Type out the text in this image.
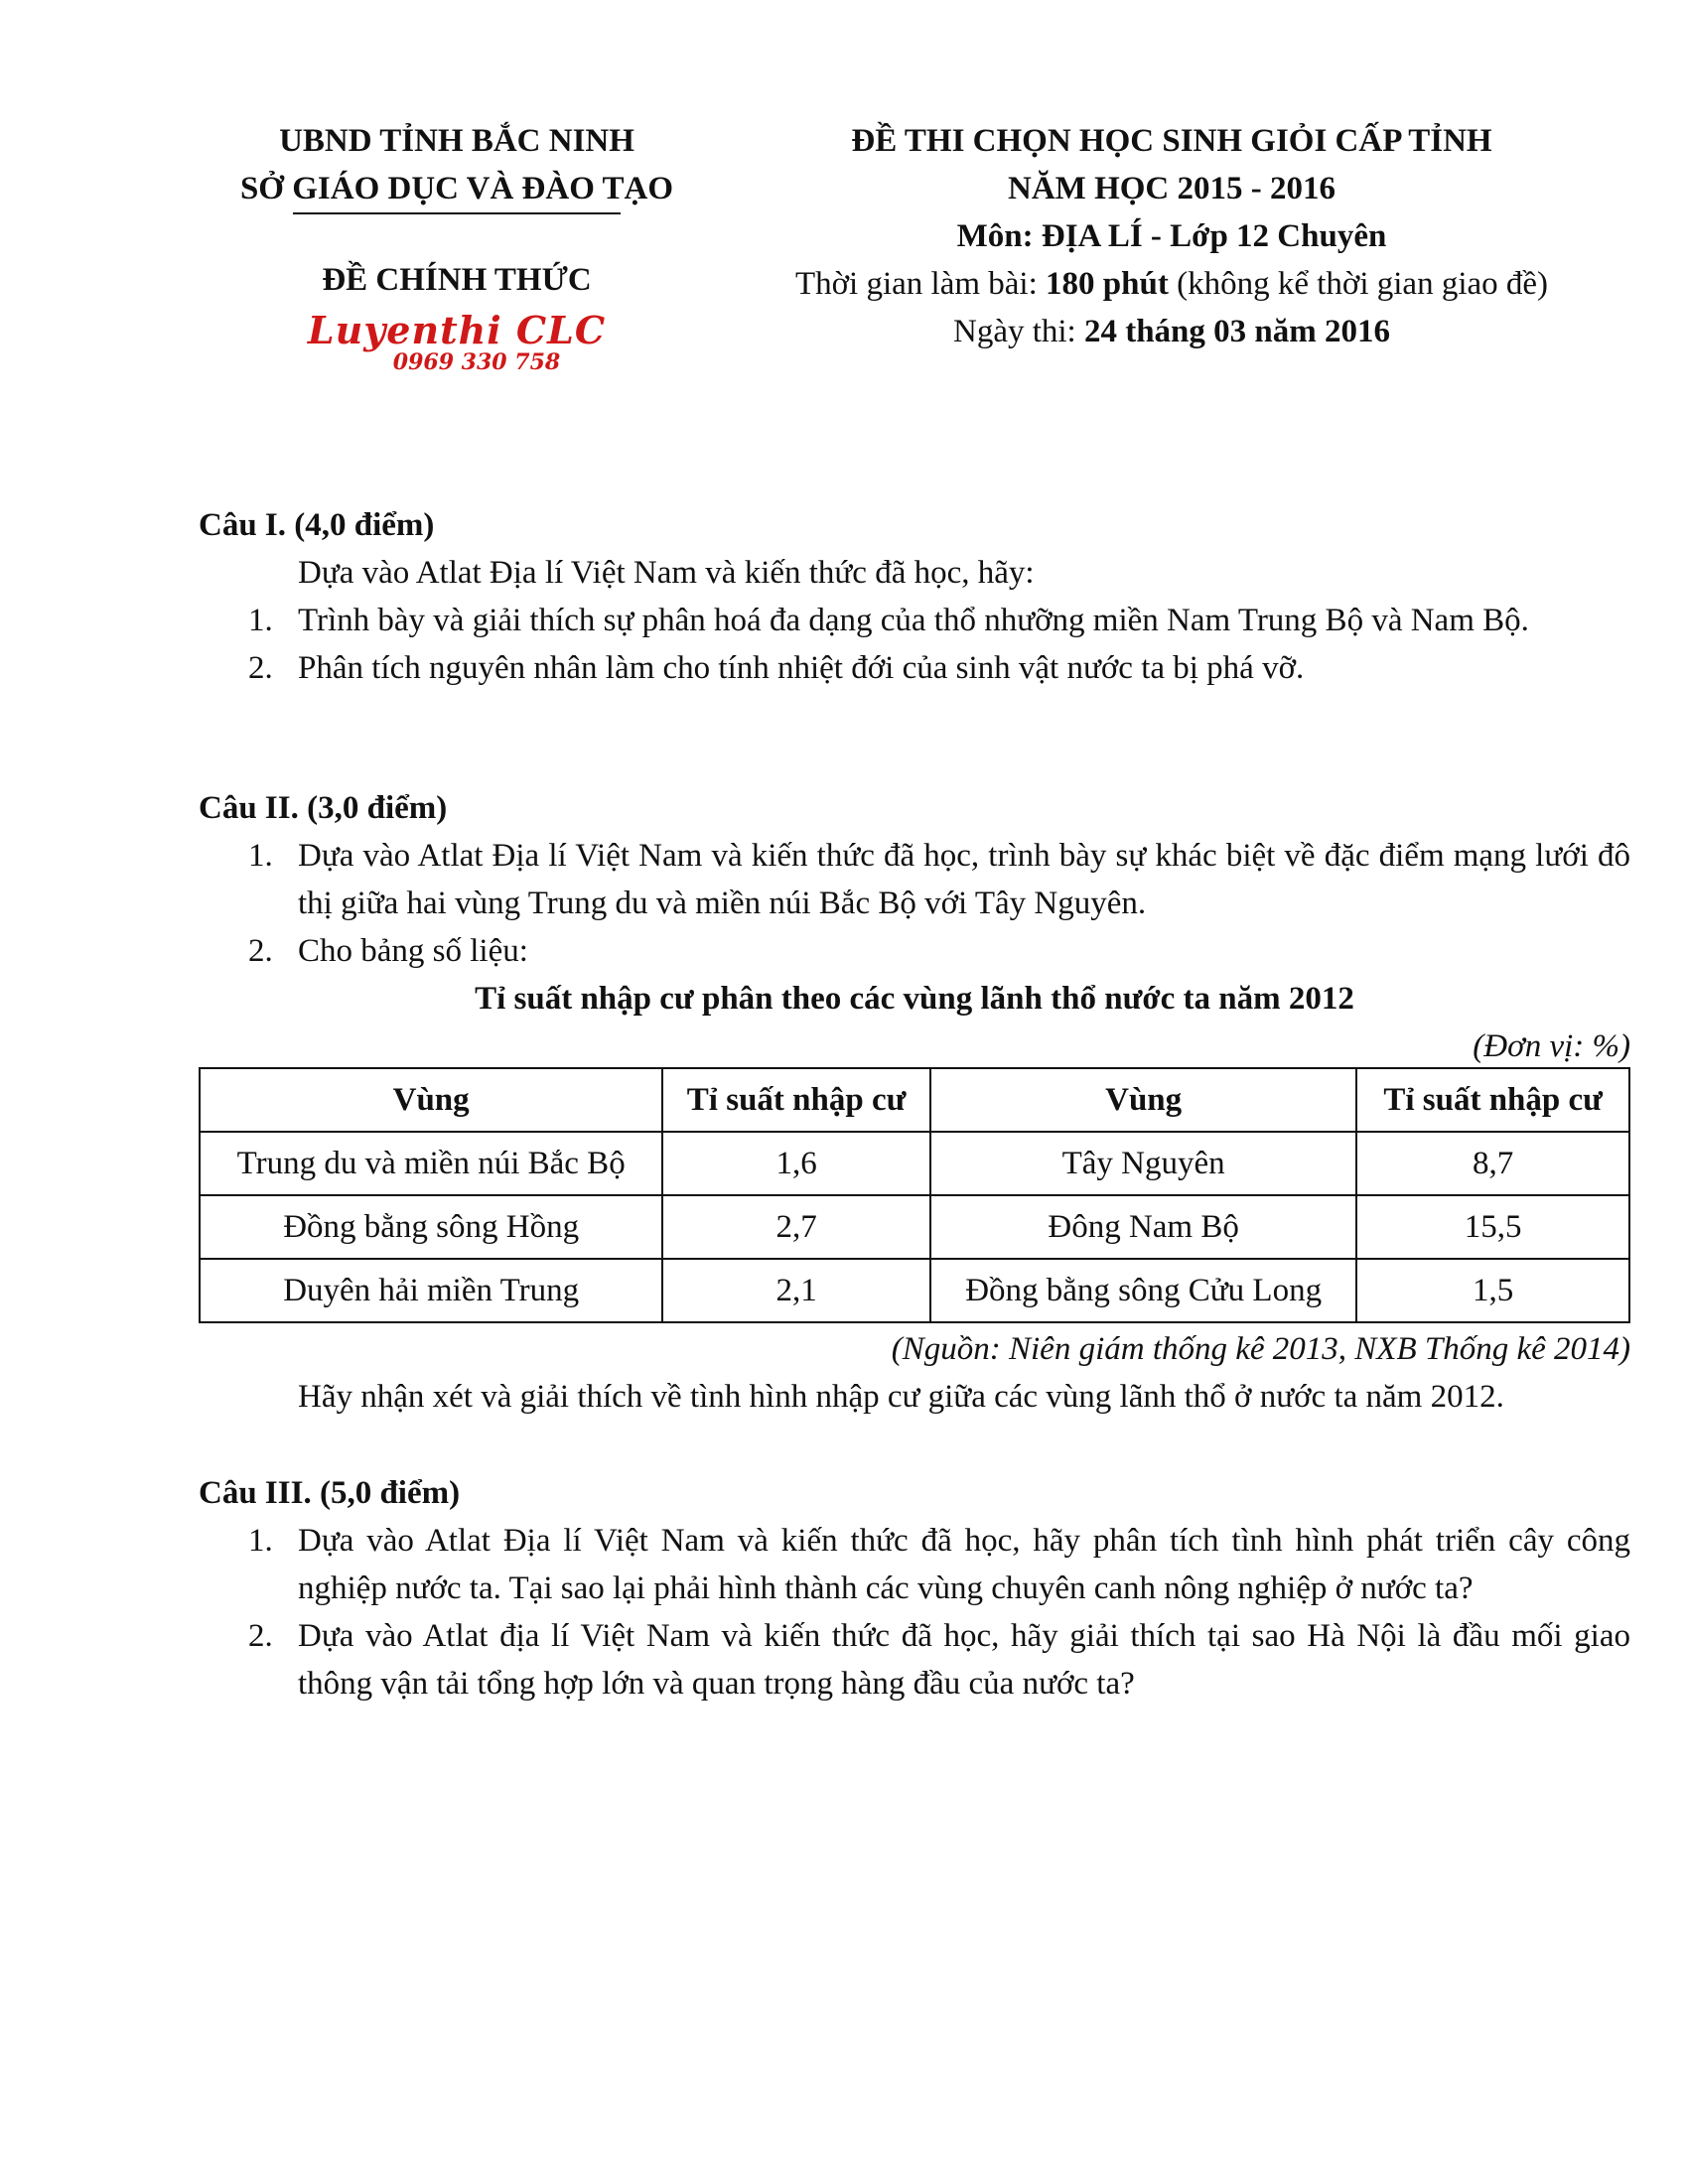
UBND TỈNH BẮC NINH
SỞ GIÁO DỤC VÀ ĐÀO TẠO
ĐỀ CHÍNH THỨC
Luyenthi CLC
0969 330 758
ĐỀ THI CHỌN HỌC SINH GIỎI CẤP TỈNH
NĂM HỌC 2015 - 2016
Môn: ĐỊA LÍ - Lớp 12 Chuyên
Thời gian làm bài: 180 phút (không kể thời gian giao đề)
Ngày thi: 24 tháng 03 năm 2016
Câu I. (4,0 điểm)
Dựa vào Atlat Địa lí Việt Nam và kiến thức đã học, hãy:
1. Trình bày và giải thích sự phân hoá đa dạng của thổ nhưỡng miền Nam Trung Bộ và Nam Bộ.
2. Phân tích nguyên nhân làm cho tính nhiệt đới của sinh vật nước ta bị phá vỡ.
Câu II. (3,0 điểm)
1. Dựa vào Atlat Địa lí Việt Nam và kiến thức đã học, trình bày sự khác biệt về đặc điểm mạng lưới đô thị giữa hai vùng Trung du và miền núi Bắc Bộ với Tây Nguyên.
2. Cho bảng số liệu:
Tỉ suất nhập cư phân theo các vùng lãnh thổ nước ta năm 2012
(Đơn vị: %)
Vùng	Tỉ suất nhập cư	Vùng	Tỉ suất nhập cư
Trung du và miền núi Bắc Bộ	1,6	Tây Nguyên	8,7
Đồng bằng sông Hồng	2,7	Đông Nam Bộ	15,5
Duyên hải miền Trung	2,1	Đồng bằng sông Cửu Long	1,5
(Nguồn: Niên giám thống kê 2013, NXB Thống kê 2014)
Hãy nhận xét và giải thích về tình hình nhập cư giữa các vùng lãnh thổ ở nước ta năm 2012.
Câu III. (5,0 điểm)
1. Dựa vào Atlat Địa lí Việt Nam và kiến thức đã học, hãy phân tích tình hình phát triển cây công nghiệp nước ta. Tại sao lại phải hình thành các vùng chuyên canh nông nghiệp ở nước ta?
2. Dựa vào Atlat địa lí Việt Nam và kiến thức đã học, hãy giải thích tại sao Hà Nội là đầu mối giao thông vận tải tổng hợp lớn và quan trọng hàng đầu của nước ta?
